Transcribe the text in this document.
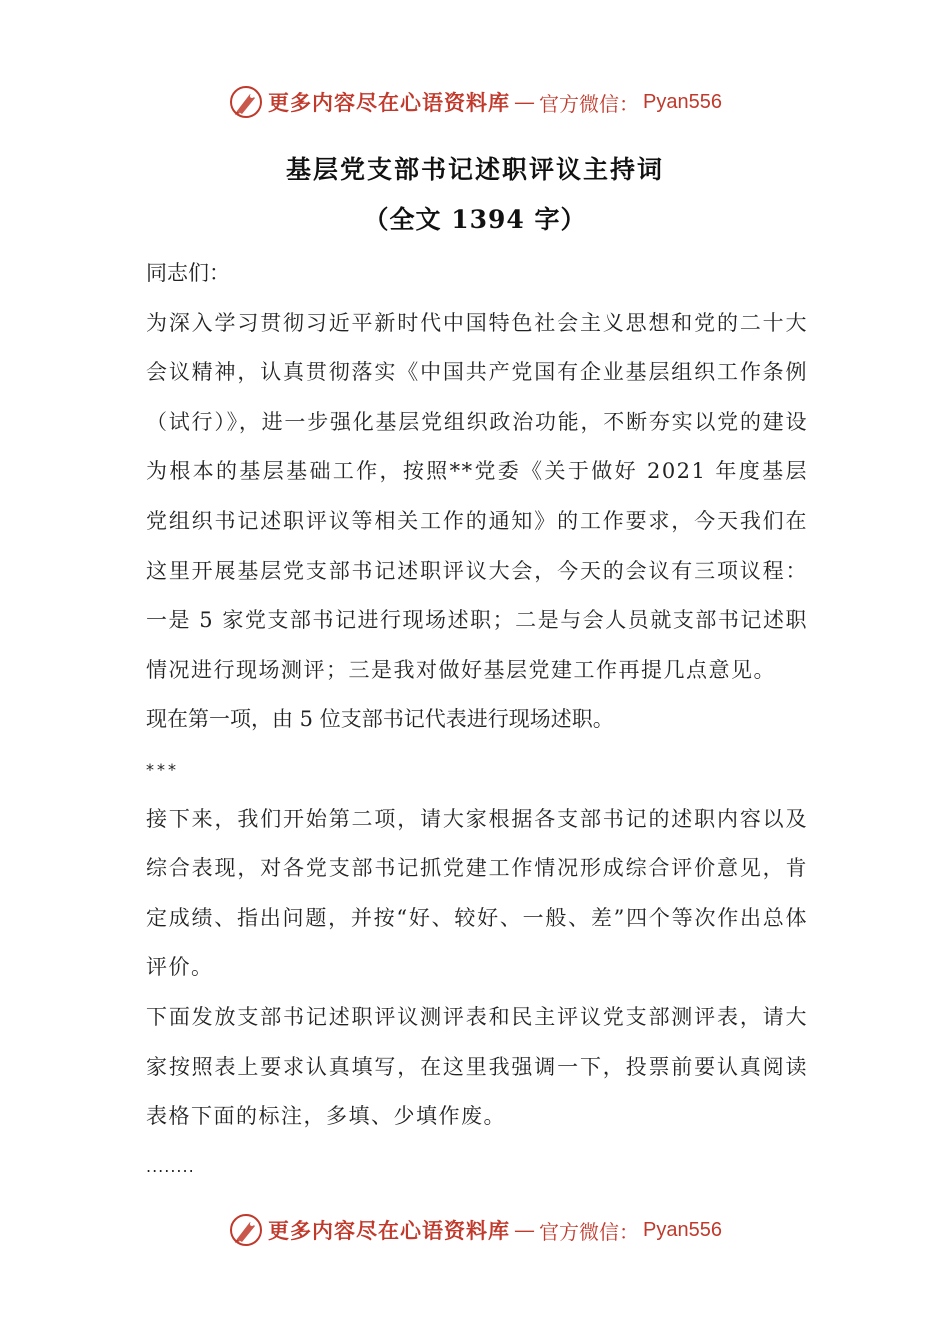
更多内容尽在心语资料库 — 官方微信： Pyan556
基层党支部书记述职评议主持词
（全文 1394 字）

同志们：

为深入学习贯彻习近平新时代中国特色社会主义思想和党的二十大会议精神，认真贯彻落实《中国共产党国有企业基层组织工作条例（试行）》，进一步强化基层党组织政治功能，不断夯实以党的建设为根本的基层基础工作，按照**党委《关于做好 2021 年度基层党组织书记述职评议等相关工作的通知》的工作要求，今天我们在这里开展基层党支部书记述职评议大会，今天的会议有三项议程：一是 5 家党支部书记进行现场述职；二是与会人员就支部书记述职情况进行现场测评；三是我对做好基层党建工作再提几点意见。

现在第一项，由 5 位支部书记代表进行现场述职。

***

接下来，我们开始第二项，请大家根据各支部书记的述职内容以及综合表现，对各党支部书记抓党建工作情况形成综合评价意见，肯定成绩、指出问题，并按“好、较好、一般、差”四个等次作出总体评价。

下面发放支部书记述职评议测评表和民主评议党支部测评表，请大家按照表上要求认真填写，在这里我强调一下，投票前要认真阅读表格下面的标注，多填、少填作废。

........

更多内容尽在心语资料库 — 官方微信： Pyan556
